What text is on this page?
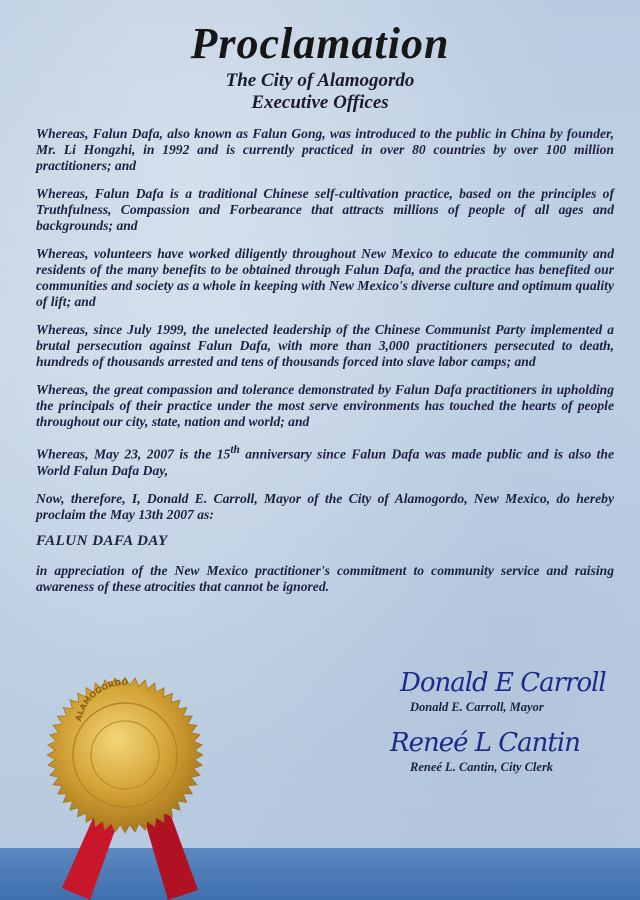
Proclamation
The City of Alamogordo
Executive Offices

Whereas, Falun Dafa, also known as Falun Gong, was introduced to the public in China by founder, Mr. Li Hongzhi, in 1992 and is currently practiced in over 80 countries by over 100 million practitioners; and

Whereas, Falun Dafa is a traditional Chinese self-cultivation practice, based on the principles of Truthfulness, Compassion and Forbearance that attracts millions of people of all ages and backgrounds; and

Whereas, volunteers have worked diligently throughout New Mexico to educate the community and residents of the many benefits to be obtained through Falun Dafa, and the practice has benefited our communities and society as a whole in keeping with New Mexico's diverse culture and optimum quality of lift; and

Whereas, since July 1999, the unelected leadership of the Chinese Communist Party implemented a brutal persecution against Falun Dafa, with more than 3,000 practitioners persecuted to death, hundreds of thousands arrested and tens of thousands forced into slave labor camps; and

Whereas, the great compassion and tolerance demonstrated by Falun Dafa practitioners in upholding the principals of their practice under the most serve environments has touched the hearts of people throughout our city, state, nation and world; and

Whereas, May 23, 2007 is the 15th anniversary since Falun Dafa was made public and is also the World Falun Dafa Day,

Now, therefore, I, Donald E. Carroll, Mayor of the City of Alamogordo, New Mexico, do hereby proclaim the May 13th 2007 as:

FALUN DAFA DAY

in appreciation of the New Mexico practitioner's commitment to community service and raising awareness of these atrocities that cannot be ignored.

Donald E Carroll
Donald E. Carroll, Mayor
Reneé L Cantin
Reneé L. Cantin, City Clerk
ALAMOGORDO
